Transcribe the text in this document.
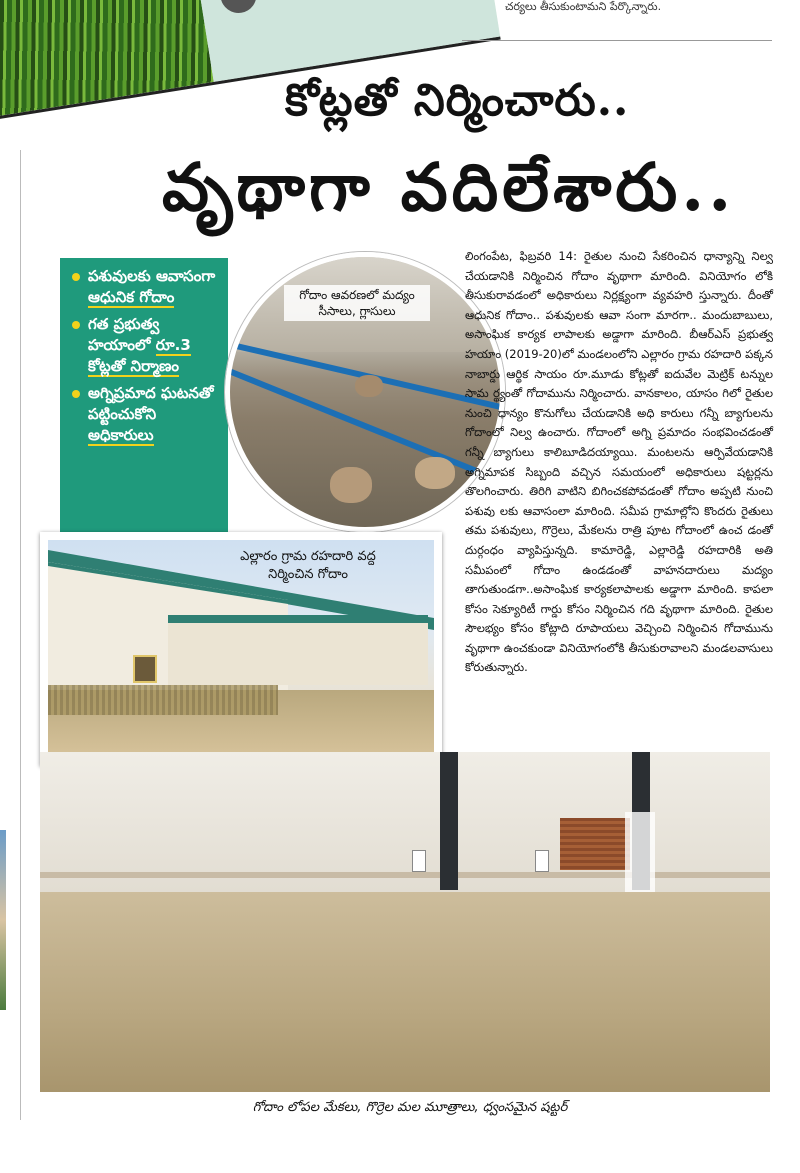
చర్యలు తీసుకుంటామని పేర్కొన్నారు.
కోట్లతో నిర్మించారు..
వృథాగా వదిలేశారు..
పశువులకు ఆవాసంగా ఆధునిక గోదాం
గత ప్రభుత్వ హయాంలో రూ.3 కోట్లతో నిర్మాణం
అగ్నిప్రమాద ఘటనతో పట్టించుకోని అధికారులు
గోదాం ఆవరణలో మద్యం సీసాలు, గ్లాసులు

లింగంపేట, ఫిబ్రవరి 14: రైతుల నుంచి సేకరించిన ధాన్యాన్ని నిల్వ చేయడానికి నిర్మించిన గోదాం వృథాగా మారింది. వినియోగం లోకి తీసుకురావడంలో అధికారులు నిర్లక్ష్యంగా వ్యవహరి స్తున్నారు. దీంతో ఆధునిక గోదాం.. పశువులకు ఆవా సంగా మారగా.. మందుబాబులు, అసాంఘిక కార్యక లాపాలకు అడ్డాగా మారింది. బీఆర్ఎస్ ప్రభుత్వ హయాం (2019-20)లో మండలంలోని ఎల్లారం గ్రామ రహదారి పక్కన నాబార్డు ఆర్థిక సాయం రూ.మూడు కోట్లతో ఐదువేల మెట్రిక్ టన్నుల సామ ర్థ్యంతో గోదామును నిర్మించారు. వానకాలం, యాసం గిలో రైతుల నుంచి ధాన్యం కొనుగోలు చేయడానికి అధి కారులు గన్నీ బ్యాగులను గోదాంలో నిల్వ ఉంచారు. గోదాంలో అగ్ని ప్రమాదం సంభవించడంతో గన్నీ బ్యాగులు కాలిబూడిదయ్యాయి. మంటలను ఆర్పివేయడానికి అగ్నిమాపక సిబ్బంది వచ్చిన సమయంలో అధికారులు షట్టర్లను తొలగించారు. తిరిగి వాటిని బిగించకపోవడంతో గోదాం అప్పటి నుంచి పశువు లకు ఆవాసంలా మారింది. సమీప గ్రామాల్లోని కొందరు రైతులు తమ పశువులు, గొర్రెలు, మేకలను రాత్రి పూట గోదాంలో ఉంచ డంతో దుర్గంధం వ్యాపిస్తున్నది. కామారెడ్డి, ఎల్లారెడ్డి రహదారికి అతి సమీపంలో గోదాం ఉండడంతో వాహనదారులు మద్యం తాగుతుండగా..అసాంఘిక కార్యకలాపాలకు అడ్డాగా మారింది. కాపలా కోసం సెక్యూరిటీ గార్డు కోసం నిర్మించిన గది వృథాగా మారింది. రైతుల సౌలభ్యం కోసం కోట్లాది రూపాయలు వెచ్చించి నిర్మించిన గోదామును వృథాగా ఉంచకుండా వినియోగంలోకి తీసుకురావాలని మండలవాసులు కోరుతున్నారు.

ఎల్లారం గ్రామ రహదారి వద్ద నిర్మించిన గోదాం
గోదాం లోపల మేకలు, గొర్రెల మల మూత్రాలు, ధ్వంసమైన షట్టర్
